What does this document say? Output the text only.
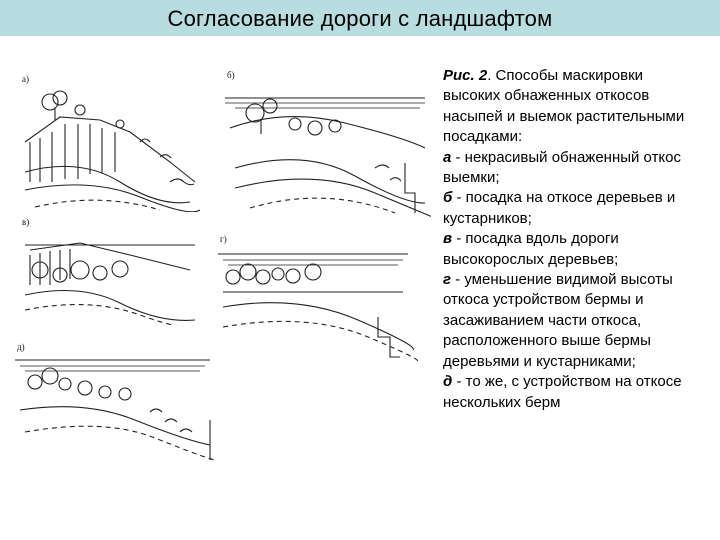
Согласование дороги с ландшафтом
а)	б)
в)
г)
д)

Рис. 2. Способы маскировки высоких обнаженных откосов насыпей и выемок растительными посадками:

а - некрасивый обнаженный откос выемки;

б - посадка на откосе деревьев и кустарников;

в - посадка вдоль дороги высокорослых деревьев;

г - уменьшение видимой высоты откоса устройством бермы и засаживанием части откоса, расположенного выше бермы деревьями и кустарниками;

д - то же, с устройством на откосе нескольких берм
